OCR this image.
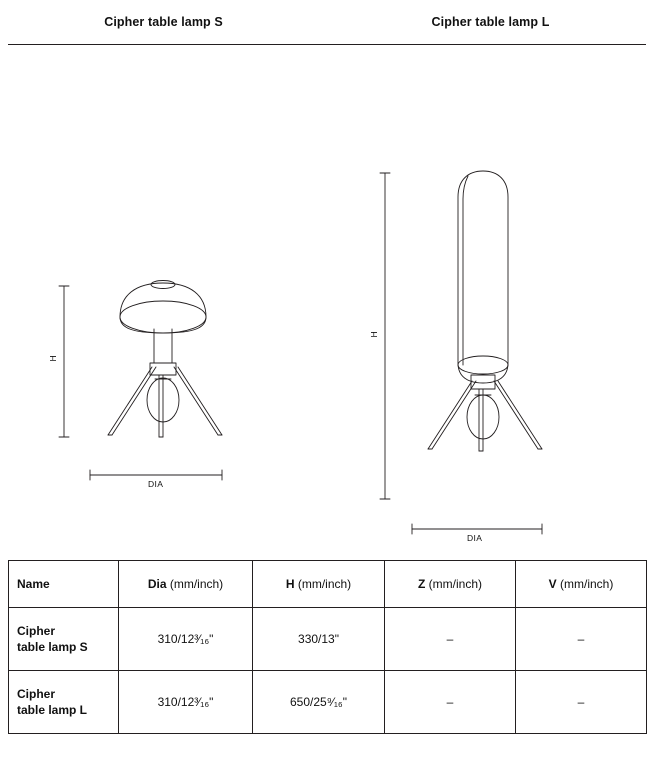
Cipher table lamp S	Cipher table lamp L
H
DIA
H
DIA
Name	Dia (mm/inch)	H (mm/inch)	Z (mm/inch)	V (mm/inch)

Cipher
table lamp S	310/12³⁄₁₆"	330/13"	–	–

Cipher
table lamp L	310/12³⁄₁₆"	650/25⁹⁄₁₆"	–	–
